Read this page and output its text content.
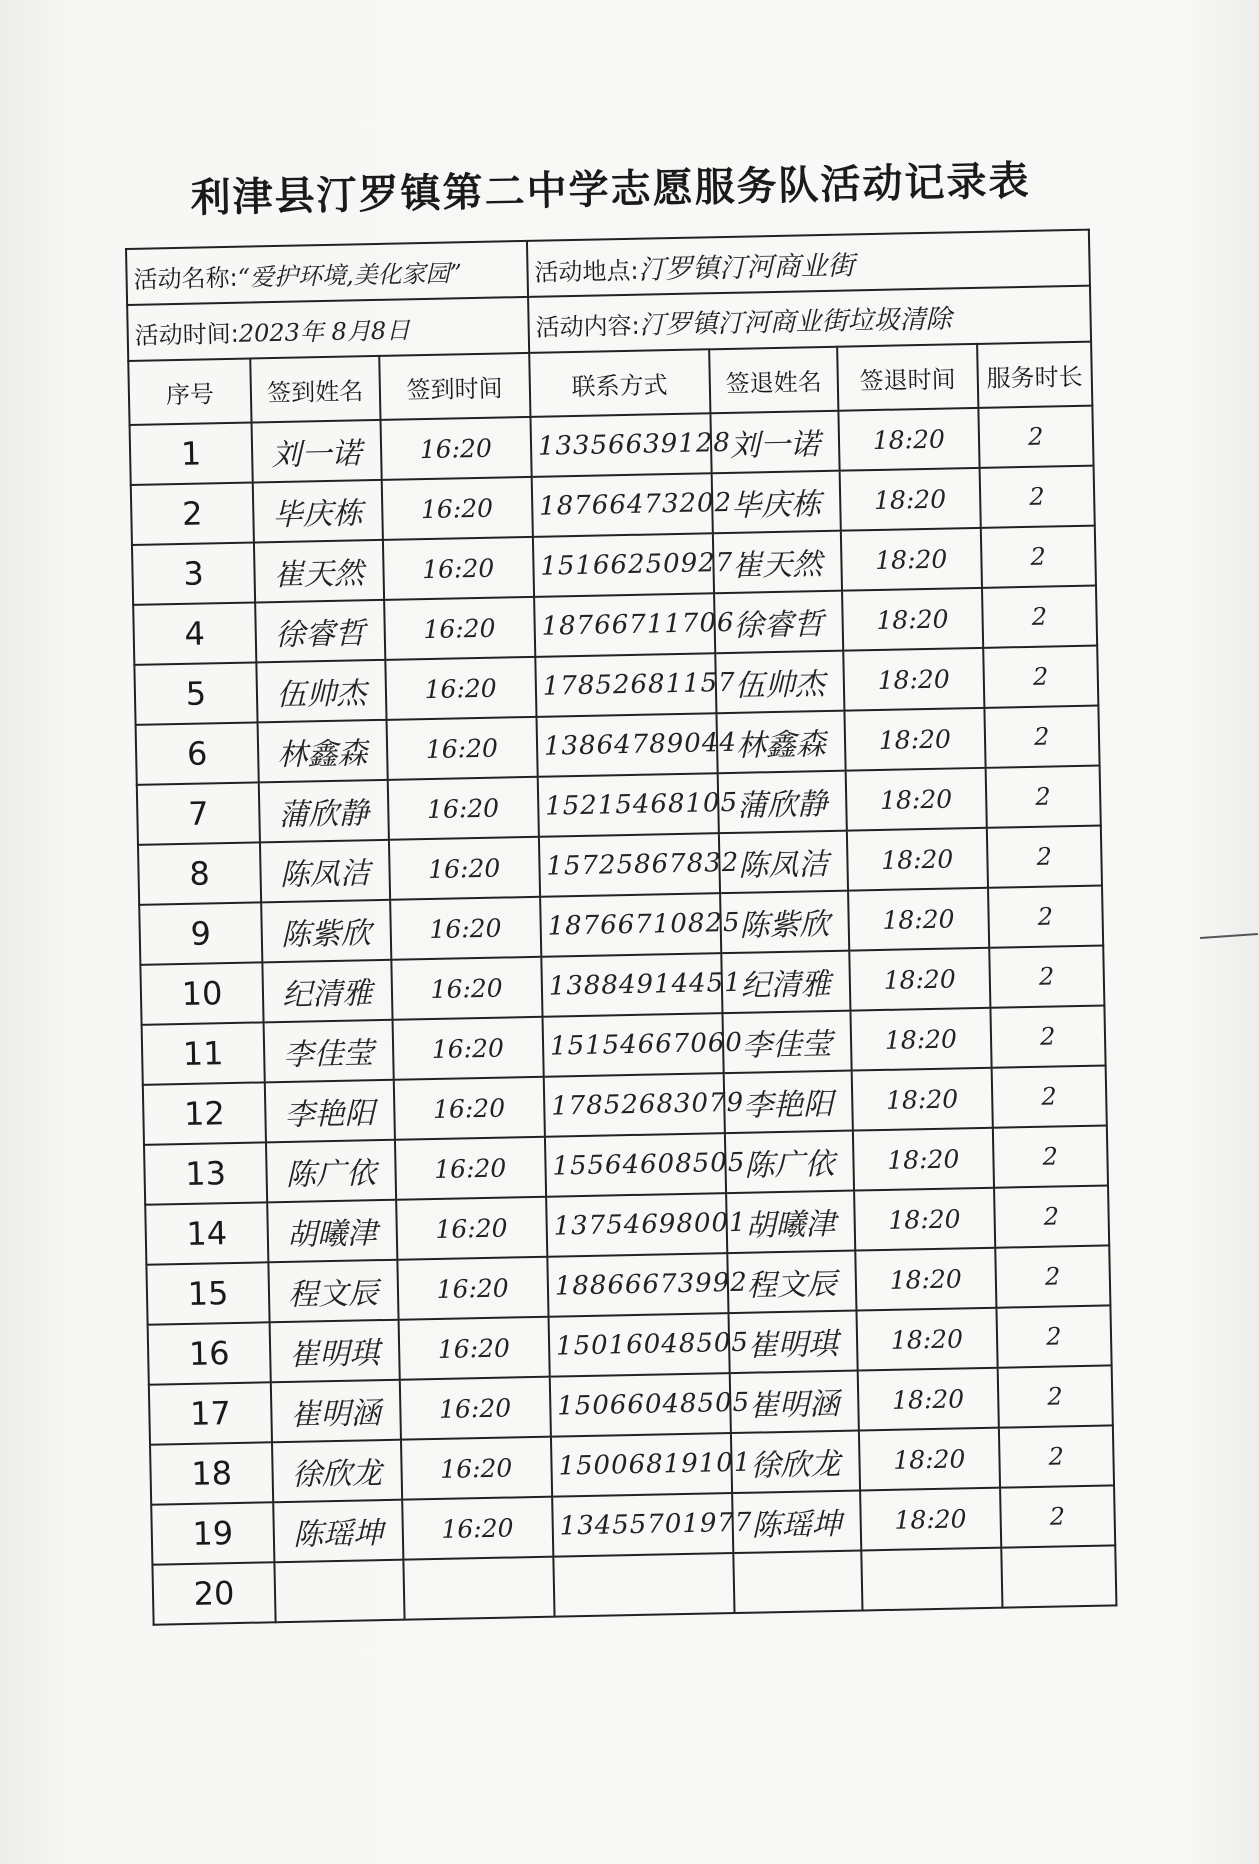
利津县汀罗镇第二中学志愿服务队活动记录表
活动名称:“爱护环境,美化家园”			活动地点:汀罗镇汀河商业街			
活动时间:2023年 8月8日			活动内容:汀罗镇汀河商业街垃圾清除			
序号	签到姓名	签到时间	联系方式	签退姓名	签退时间	服务时长
1	刘一诺	16:20	13356639128	刘一诺	18:20	2
2	毕庆栋	16:20	18766473202	毕庆栋	18:20	2
3	崔天然	16:20	15166250927	崔天然	18:20	2
4	徐睿哲	16:20	18766711706	徐睿哲	18:20	2
5	伍帅杰	16:20	17852681157	伍帅杰	18:20	2
6	林鑫森	16:20	13864789044	林鑫森	18:20	2
7	蒲欣静	16:20	15215468105	蒲欣静	18:20	2
8	陈凤洁	16:20	15725867832	陈凤洁	18:20	2
9	陈紫欣	16:20	18766710825	陈紫欣	18:20	2
10	纪清雅	16:20	13884914451	纪清雅	18:20	2
11	李佳莹	16:20	15154667060	李佳莹	18:20	2
12	李艳阳	16:20	17852683079	李艳阳	18:20	2
13	陈广依	16:20	15564608505	陈广依	18:20	2
14	胡曦津	16:20	13754698001	胡曦津	18:20	2
15	程文辰	16:20	18866673992	程文辰	18:20	2
16	崔明琪	16:20	15016048505	崔明琪	18:20	2
17	崔明涵	16:20	15066048505	崔明涵	18:20	2
18	徐欣龙	16:20	15006819101	徐欣龙	18:20	2
19	陈瑶坤	16:20	13455701977	陈瑶坤	18:20	2
20						
